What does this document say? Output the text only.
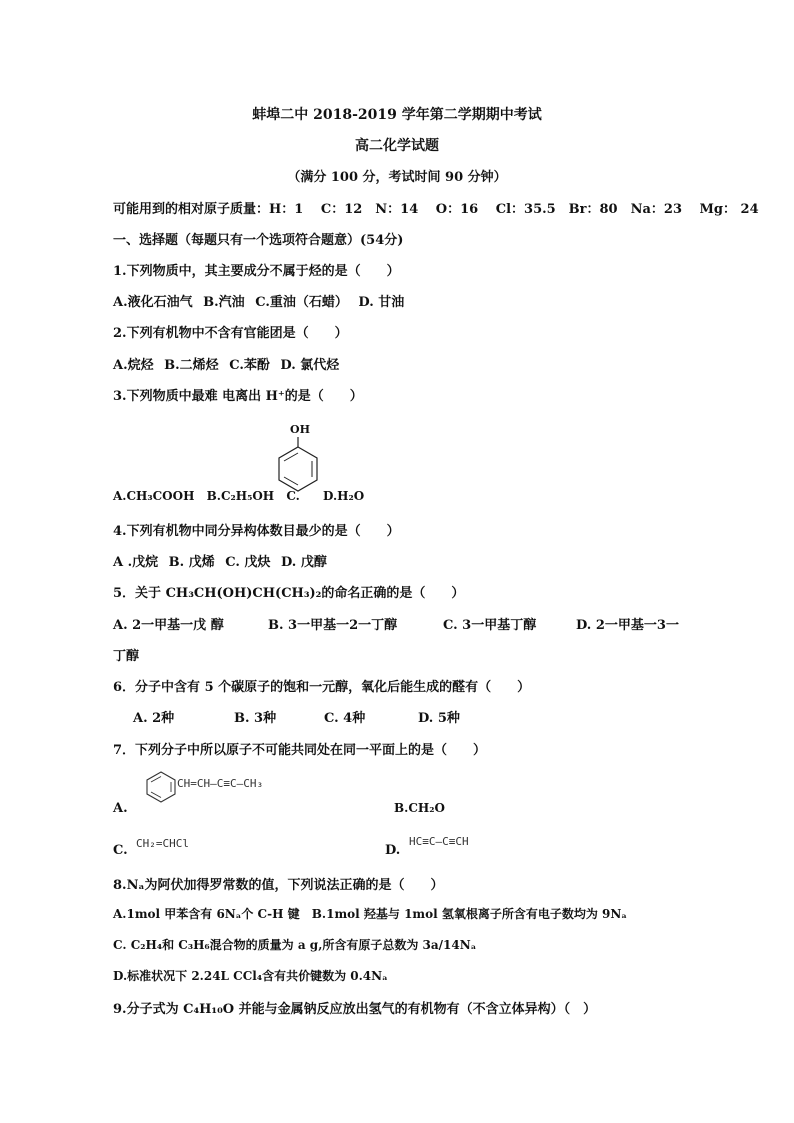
蚌埠二中 2018-2019 学年第二学期期中考试
高二化学试题
（满分 100 分，考试时间 90 分钟）
可能用到的相对原子质量：H：1　 C：12　N：14　 O：16　 Cl：35.5　Br：80　Na：23　 Mg： 24
一、选择题（每题只有一个选项符合题意）(54分)
1.下列物质中，其主要成分不属于烃的是（　　）
A.液化石油气 B.汽油 C.重油（石蜡） D. 甘油
2.下列有机物中不含有官能团是（　　）
A.烷烃 B.二烯烃 C.苯酚 D. 氯代烃
3.下列物质中最难 电离出 H⁺的是（　　）
OH
A.CH₃COOH B.C₂H₅OH C. D.H₂O
4.下列有机物中同分异构体数目最少的是（　　）
A .戊烷 B. 戊烯 C. 戊炔 D. 戊醇
5．关于 CH₃CH(OH)CH(CH₃)₂的命名正确的是（　　）
A. 2一甲基一戊 醇	B. 3一甲基一2一丁醇	C. 3一甲基丁醇	D. 2一甲基一3一
丁醇
6．分子中含有 5 个碳原子的饱和一元醇，氧化后能生成的醛有（　　）
A. 2种	B. 3种	C. 4种	D. 5种
7．下列分子中所以原子不可能共同处在同一平面上的是（　　）
CH=CH—C≡C—CH₃
A.	B.CH₂O
CH₂=CHCl
C.	D.
HC≡C—C≡CH
8.Nₐ为阿伏加得罗常数的值，下列说法正确的是（　　）
A.1mol 甲苯含有 6Nₐ个 C-H 键 B.1mol 羟基与 1mol 氢氧根离子所含有电子数均为 9Nₐ
C. C₂H₄和 C₃H₆混合物的质量为 a g,所含有原子总数为 3a/14Nₐ
D.标准状况下 2.24L CCl₄含有共价键数为 0.4Nₐ
9.分子式为 C₄H₁₀O 并能与金属钠反应放出氢气的有机物有（不含立体异构）（　）
